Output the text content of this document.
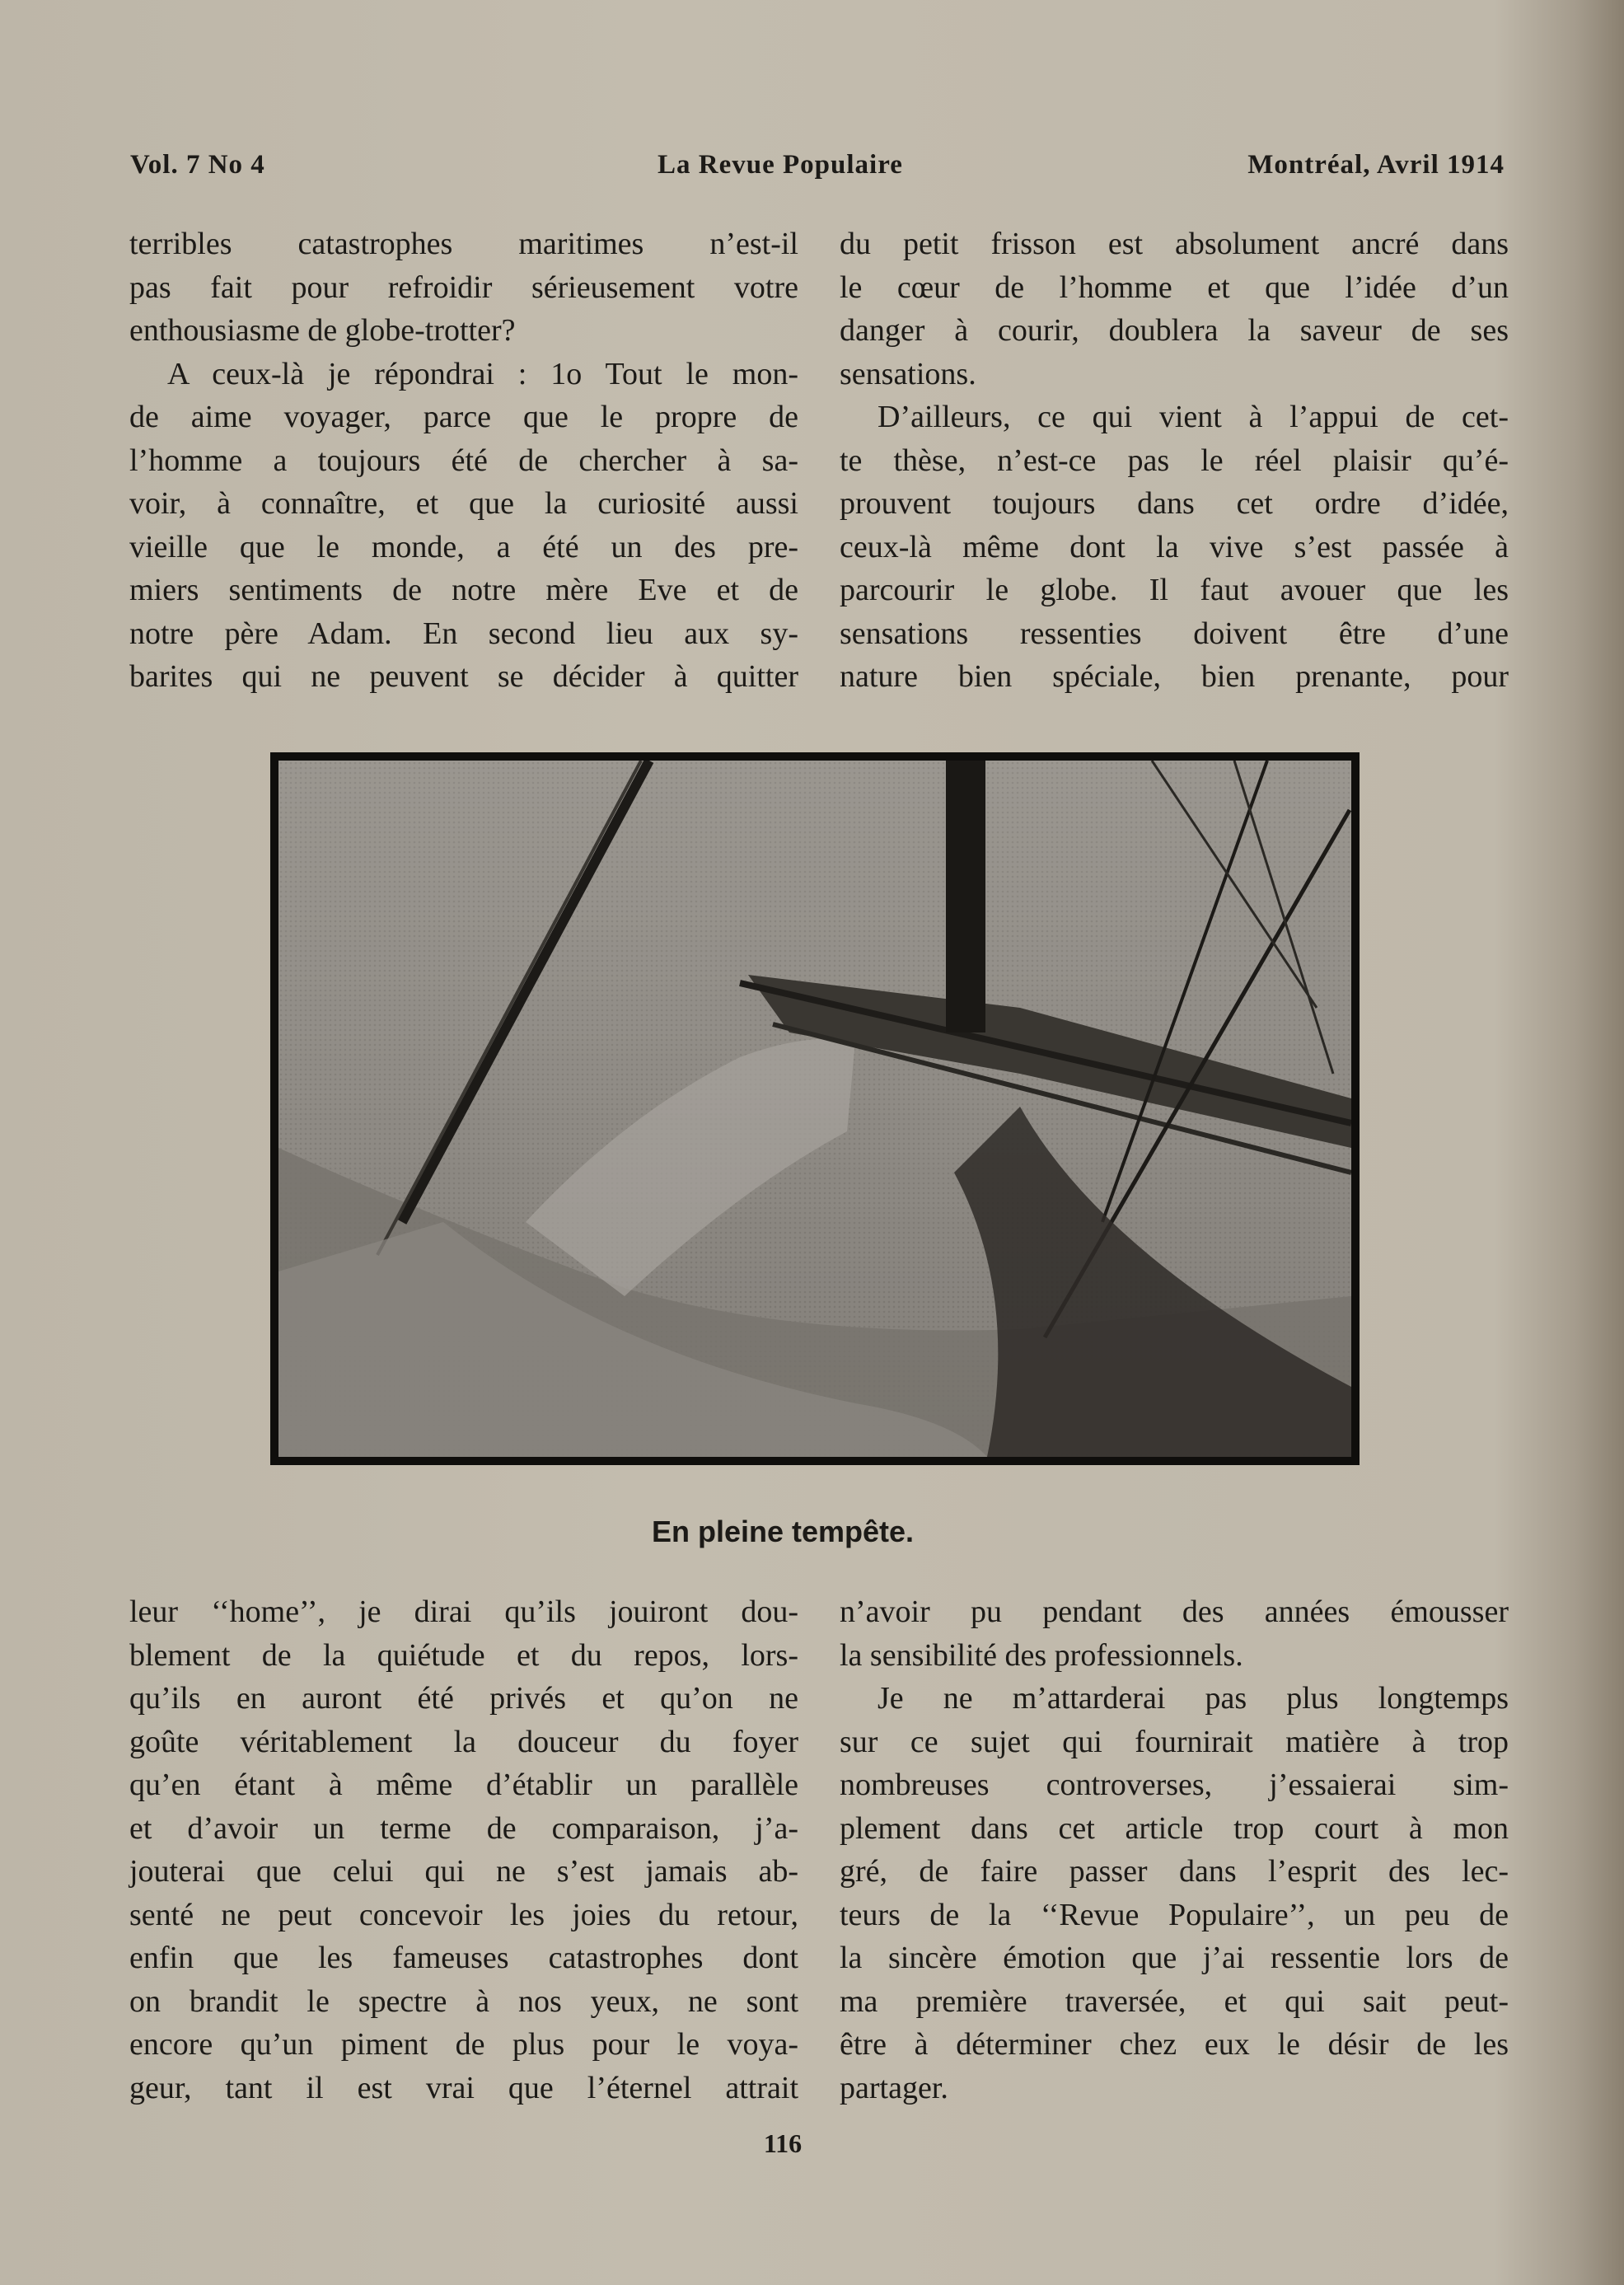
Vol. 7 No 4	La Revue Populaire	Montréal, Avril 1914
terribles catastrophes maritimes n’est-il
pas fait pour refroidir sérieusement votre
enthousiasme de globe-trotter?
A ceux-là je répondrai : 1o Tout le mon-
de aime voyager, parce que le propre de
l’homme a toujours été de chercher à sa-
voir, à connaître, et que la curiosité aussi
vieille que le monde, a été un des pre-
miers sentiments de notre mère Eve et de
notre père Adam. En second lieu aux sy-
barites qui ne peuvent se décider à quitter
du petit frisson est absolument ancré dans
le cœur de l’homme et que l’idée d’un
danger à courir, doublera la saveur de ses
sensations.
D’ailleurs, ce qui vient à l’appui de cet-
te thèse, n’est-ce pas le réel plaisir qu’é-
prouvent toujours dans cet ordre d’idée,
ceux-là même dont la vive s’est passée à
parcourir le globe. Il faut avouer que les
sensations ressenties doivent être d’une
nature bien spéciale, bien prenante, pour
En pleine tempête.
leur ‘‘home’’, je dirai qu’ils jouiront dou-
blement de la quiétude et du repos, lors-
qu’ils en auront été privés et qu’on ne
goûte véritablement la douceur du foyer
qu’en étant à même d’établir un parallèle
et d’avoir un terme de comparaison, j’a-
jouterai que celui qui ne s’est jamais ab-
senté ne peut concevoir les joies du retour,
enfin que les fameuses catastrophes dont
on brandit le spectre à nos yeux, ne sont
encore qu’un piment de plus pour le voya-
geur, tant il est vrai que l’éternel attrait
n’avoir pu pendant des années émousser
la sensibilité des professionnels.
Je ne m’attarderai pas plus longtemps
sur ce sujet qui fournirait matière à trop
nombreuses controverses, j’essaierai sim-
plement dans cet article trop court à mon
gré, de faire passer dans l’esprit des lec-
teurs de la ‘‘Revue Populaire’’, un peu de
la sincère émotion que j’ai ressentie lors de
ma première traversée, et qui sait peut-
être à déterminer chez eux le désir de les
partager.
116
